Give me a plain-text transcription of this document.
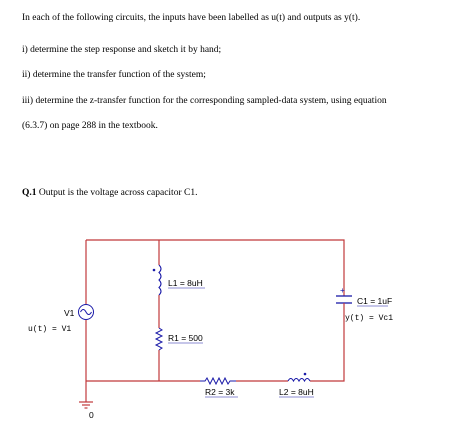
In each of the following circuits, the inputs have been labelled as u(t) and outputs as y(t).
i) determine the step response and sketch it by hand;
ii) determine the transfer function of the system;
iii) determine the z-transfer function for the corresponding sampled-data system, using equation
(6.3.7) on page 288 in the textbook.
Q.1 Output is the voltage across capacitor C1.
V1
u(t) = V1
L1 = 8uH
R1 = 500
+
C1 = 1uF
y(t) = Vc1
R2 = 3k	L2 = 8uH
0
